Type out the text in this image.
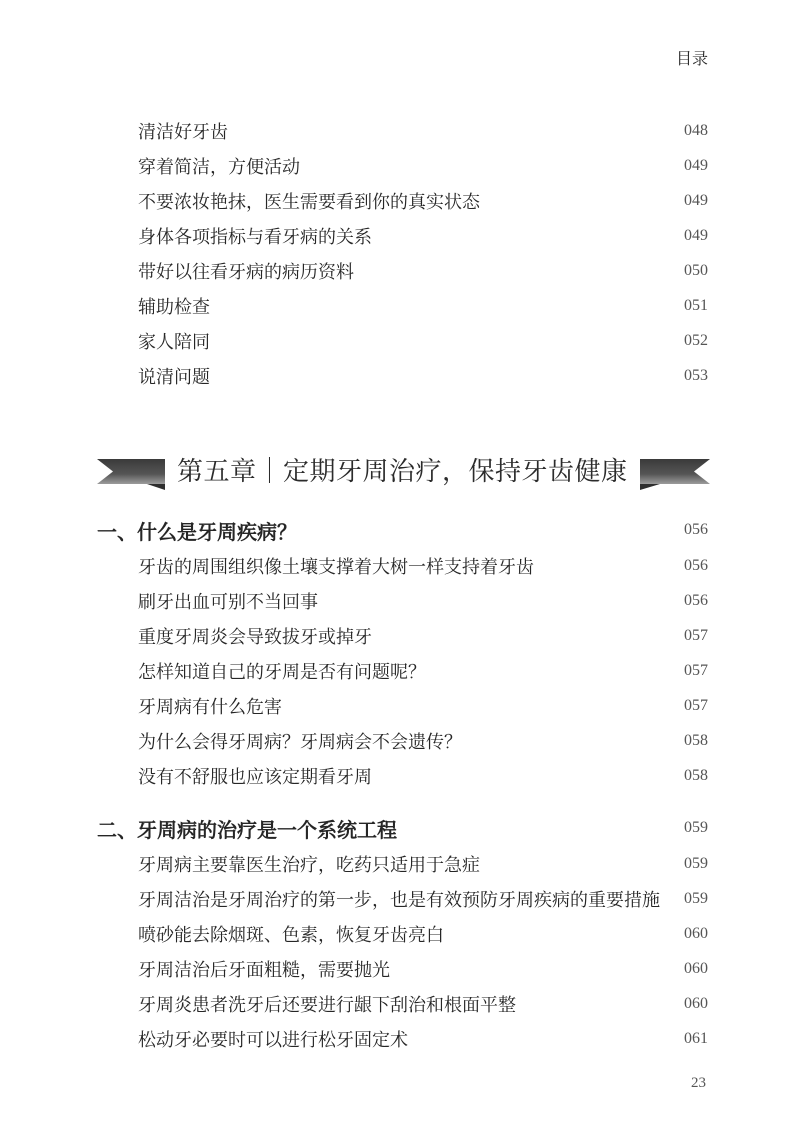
目录
清洁好牙齿	048
穿着简洁，方便活动	049
不要浓妆艳抹，医生需要看到你的真实状态	049
身体各项指标与看牙病的关系	049
带好以往看牙病的病历资料	050
辅助检查	051
家人陪同	052
说清问题	053
第五章｜定期牙周治疗，保持牙齿健康
一、什么是牙周疾病？	056
牙齿的周围组织像土壤支撑着大树一样支持着牙齿	056
刷牙出血可别不当回事	056
重度牙周炎会导致拔牙或掉牙	057
怎样知道自己的牙周是否有问题呢？	057
牙周病有什么危害	057
为什么会得牙周病？牙周病会不会遗传？	058
没有不舒服也应该定期看牙周	058
二、牙周病的治疗是一个系统工程	059
牙周病主要靠医生治疗，吃药只适用于急症	059
牙周洁治是牙周治疗的第一步，也是有效预防牙周疾病的重要措施 059
喷砂能去除烟斑、色素，恢复牙齿亮白	060
牙周洁治后牙面粗糙，需要抛光	060
牙周炎患者洗牙后还要进行龈下刮治和根面平整	060
松动牙必要时可以进行松牙固定术	061
23
